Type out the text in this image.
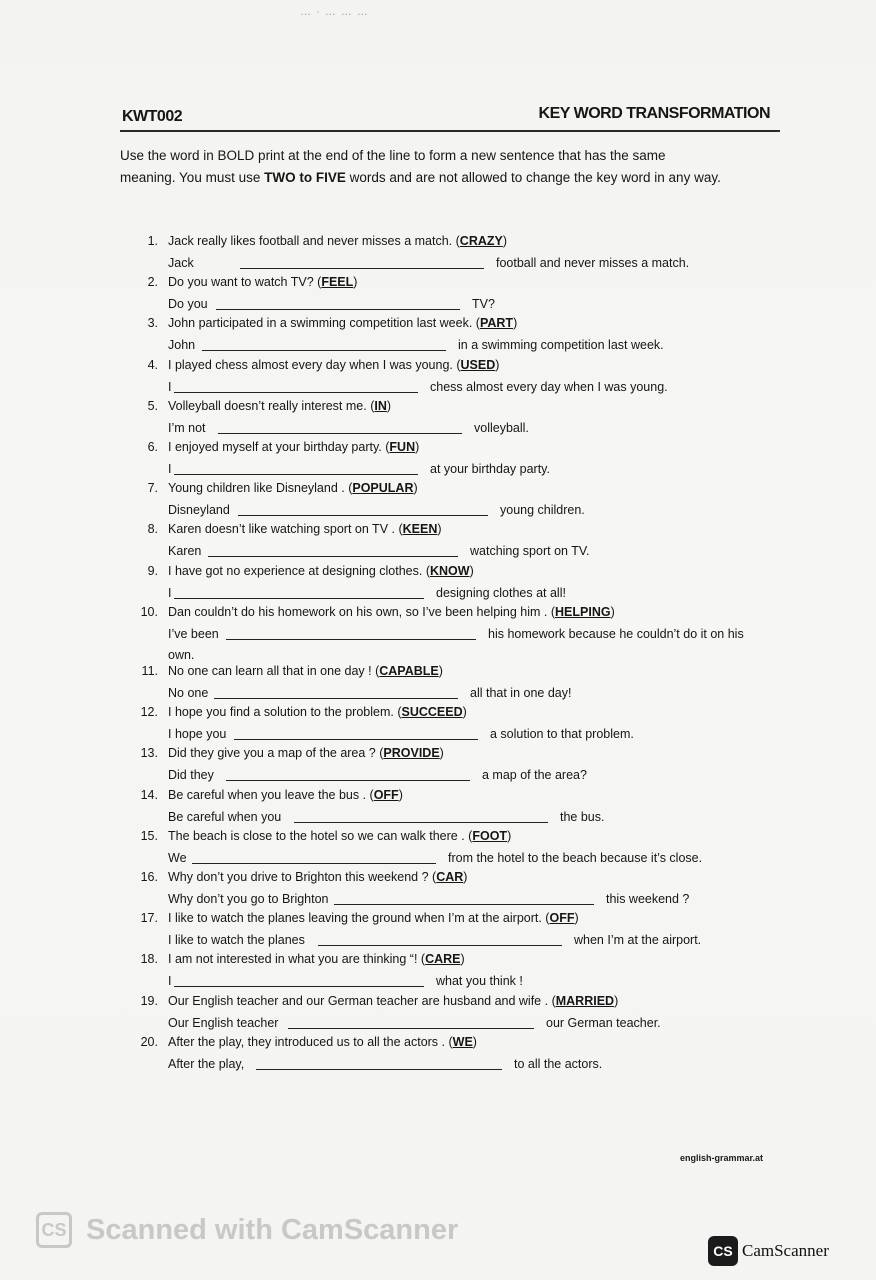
… · … … …
KWT002	KEY WORD TRANSFORMATION
Use the word in BOLD print at the end of the line to form a new sentence that has the same
meaning. You must use TWO to FIVE words and are not allowed to change the key word in any way.
1. Jack really likes football and never misses a match. (CRAZY)
Jack	football and never misses a match.
2. Do you want to watch TV? (FEEL)
Do you	TV?
3. John participated in a swimming competition last week. (PART)
John	in a swimming competition last week.
4. I played chess almost every day when I was young. (USED)
I	chess almost every day when I was young.
5. Volleyball doesn’t really interest me. (IN)
I’m not	volleyball.
6. I enjoyed myself at your birthday party. (FUN)
I	at your birthday party.
7. Young children like Disneyland . (POPULAR)
Disneyland	young children.
8. Karen doesn’t like watching sport on TV . (KEEN)
Karen	watching sport on TV.
9. I have got no experience at designing clothes. (KNOW)
I	designing clothes at all!
10. Dan couldn’t do his homework on his own, so I’ve been helping him . (HELPING)
I’ve been	his homework because he couldn’t do it on his
own.
11. No one can learn all that in one day ! (CAPABLE)
No one	all that in one day!
12. I hope you find a solution to the problem. (SUCCEED)
I hope you	a solution to that problem.
13. Did they give you a map of the area ? (PROVIDE)
Did they	a map of the area?
14. Be careful when you leave the bus . (OFF)
Be careful when you	the bus.
15. The beach is close to the hotel so we can walk there . (FOOT)
We	from the hotel to the beach because it’s close.
16. Why don’t you drive to Brighton this weekend ? (CAR)
Why don’t you go to Brighton	this weekend ?
17. I like to watch the planes leaving the ground when I’m at the airport. (OFF)
I like to watch the planes	when I’m at the airport.
18. I am not interested in what you are thinking “! (CARE)
I	what you think !
19. Our English teacher and our German teacher are husband and wife . (MARRIED)
Our English teacher	our German teacher.
20. After the play, they introduced us to all the actors . (WE)
After the play,	to all the actors.
english-grammar.at
CS Scanned with CamScanner
CS CamScanner
